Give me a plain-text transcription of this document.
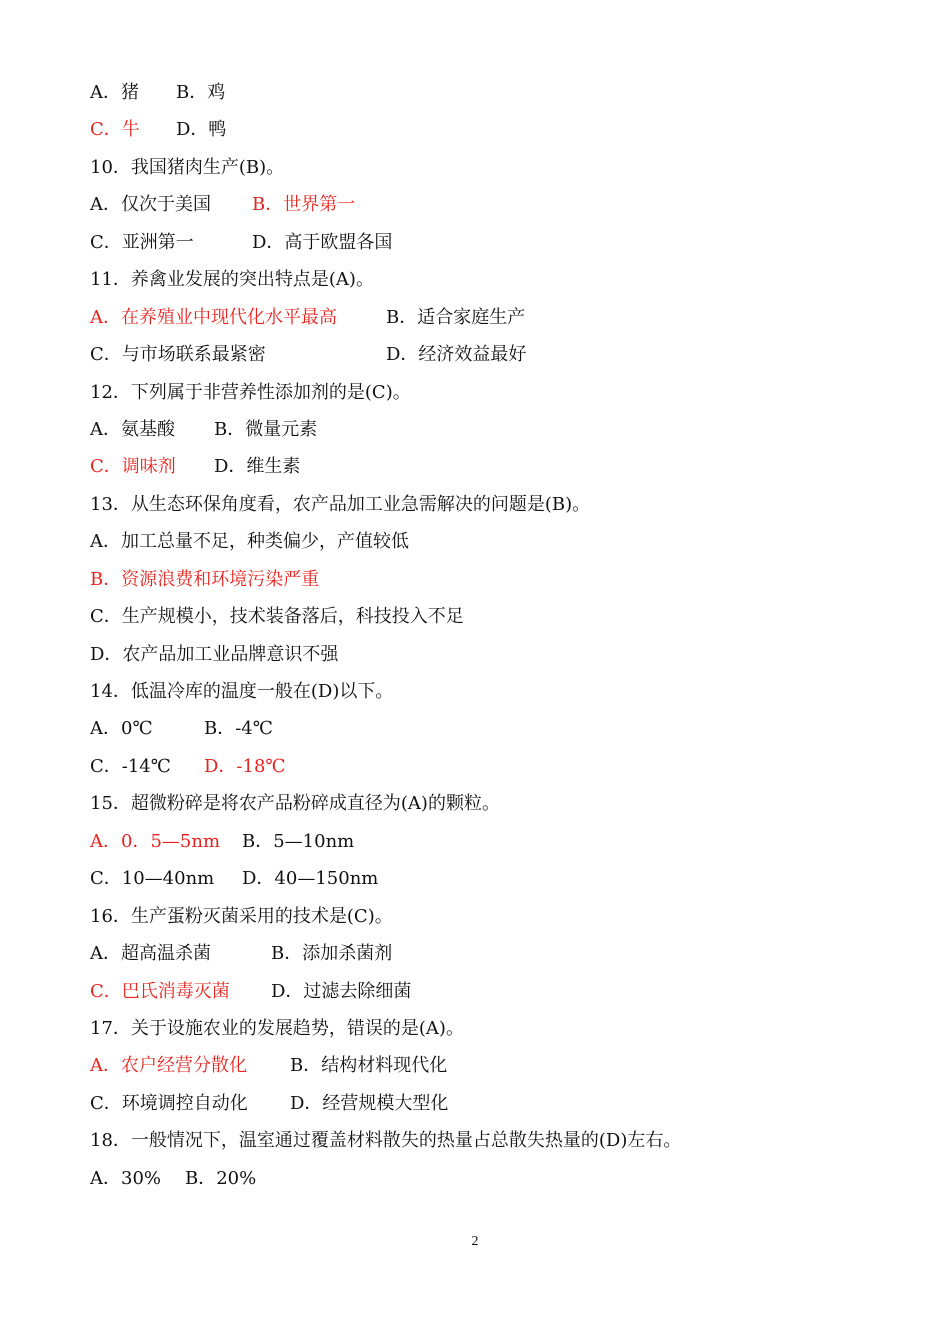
A．猪 B．鸡
C．牛 D．鸭
10．我国猪肉生产(B)。
A．仅次于美国 B．世界第一
C．亚洲第一	D．高于欧盟各国
11．养禽业发展的突出特点是(A)。
A．在养殖业中现代化水平最高	B．适合家庭生产
C．与市场联系最紧密	D．经济效益最好
12．下列属于非营养性添加剂的是(C)。
A．氨基酸 B．微量元素
C．调味剂 D．维生素
13．从生态环保角度看，农产品加工业急需解决的问题是(B)。
A．加工总量不足，种类偏少，产值较低
B．资源浪费和环境污染严重
C．生产规模小，技术装备落后，科技投入不足
D．农产品加工业品牌意识不强
14．低温冷库的温度一般在(D)以下。
A．0℃	B．-4℃
C．-14℃ D．-18℃
15．超微粉碎是将农产品粉碎成直径为(A)的颗粒。
A．0．5—5nm B．5—10nm
C．10—40nm D．40—150nm
16．生产蛋粉灭菌采用的技术是(C)。
A．超高温杀菌	B．添加杀菌剂
C．巴氏消毒灭菌 D．过滤去除细菌
17．关于设施农业的发展趋势，错误的是(A)。
A．农户经营分散化 B．结构材料现代化
C．环境调控自动化 D．经营规模大型化
18．一般情况下，温室通过覆盖材料散失的热量占总散失热量的(D)左右。
A．30% B．20%
2
